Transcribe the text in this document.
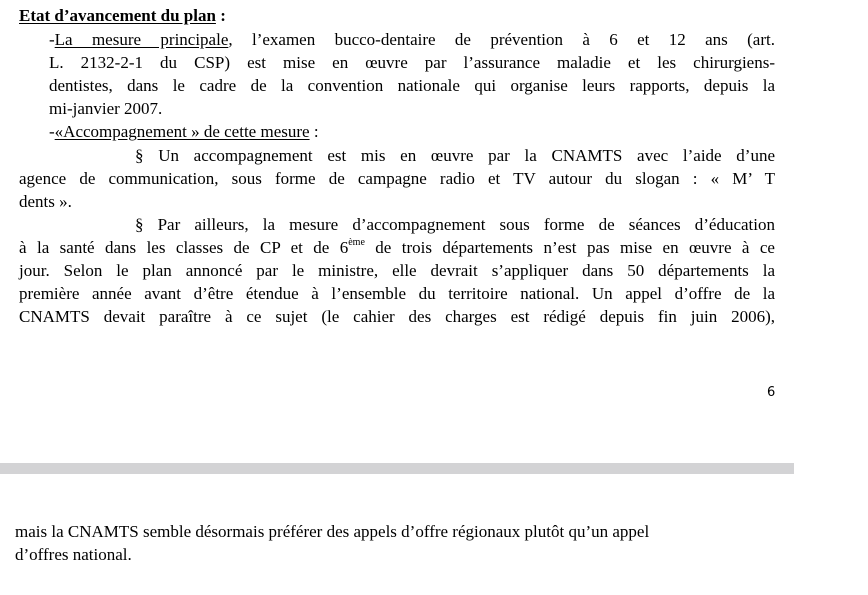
Etat d’avancement du plan :
-La mesure principale, l’examen bucco-dentaire de prévention à 6 et 12 ans (art.
L. 2132-2-1 du CSP) est mise en œuvre par l’assurance maladie et les chirurgiens-
dentistes, dans le cadre de la convention nationale qui organise leurs rapports, depuis la
mi-janvier 2007.
-«Accompagnement » de cette mesure :
§ Un accompagnement est mis en œuvre par la CNAMTS avec l’aide d’une
agence de communication, sous forme de campagne radio et TV autour du slogan : « M’ T
dents ».
§ Par ailleurs, la mesure d’accompagnement sous forme de séances d’éducation
à la santé dans les classes de CP et de 6ème de trois départements n’est pas mise en œuvre à ce
jour. Selon le plan annoncé par le ministre, elle devrait s’appliquer dans 50 départements la
première année avant d’être étendue à l’ensemble du territoire national. Un appel d’offre de la
CNAMTS devait paraître à ce sujet (le cahier des charges est rédigé depuis fin juin 2006),
6
mais la CNAMTS semble désormais préférer des appels d’offre régionaux plutôt qu’un appel
d’offres national.
